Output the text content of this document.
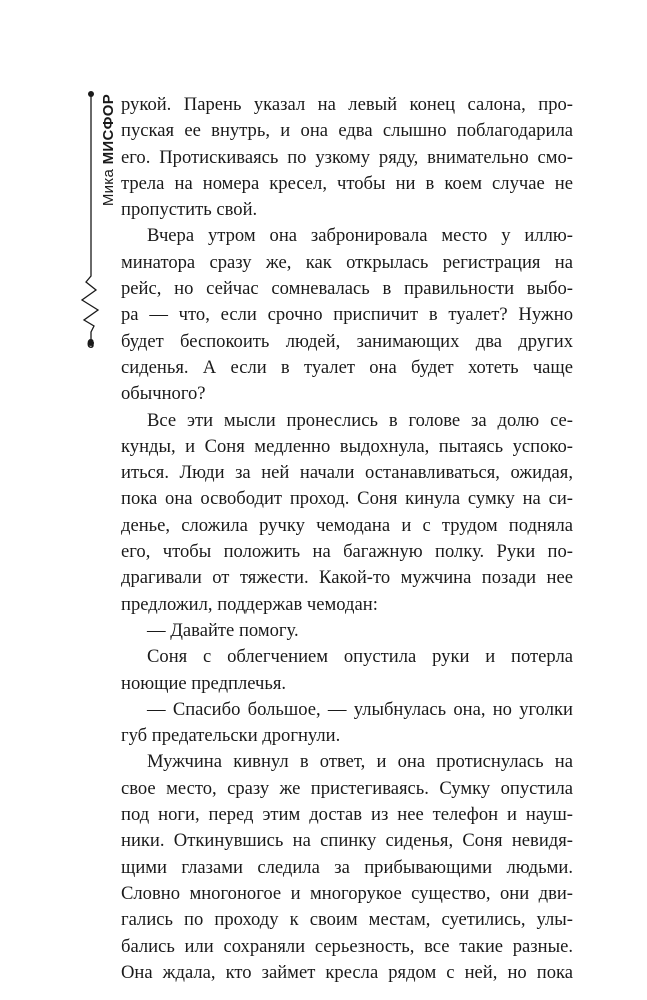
Мика МИСФОР
6
рукой. Парень указал на левый конец салона, про-
пуская ее внутрь, и она едва слышно поблагодарила
его. Протискиваясь по узкому ряду, внимательно смо-
трела на номера кресел, чтобы ни в коем случае не
пропустить свой.
Вчера утром она забронировала место у иллю-
минатора сразу же, как открылась регистрация на
рейс, но сейчас сомневалась в правильности выбо-
ра — что, если срочно приспичит в туалет? Нужно
будет беспокоить людей, занимающих два других
сиденья. А если в туалет она будет хотеть чаще
обычного?
Все эти мысли пронеслись в голове за долю се-
кунды, и Соня медленно выдохнула, пытаясь успоко-
иться. Люди за ней начали останавливаться, ожидая,
пока она освободит проход. Соня кинула сумку на си-
денье, сложила ручку чемодана и с трудом подняла
его, чтобы положить на багажную полку. Руки по-
драгивали от тяжести. Какой-то мужчина позади нее
предложил, поддержав чемодан:
— Давайте помогу.
Соня с облегчением опустила руки и потерла
ноющие предплечья.
— Спасибо большое, — улыбнулась она, но уголки
губ предательски дрогнули.
Мужчина кивнул в ответ, и она протиснулась на
свое место, сразу же пристегиваясь. Сумку опустила
под ноги, перед этим достав из нее телефон и науш-
ники. Откинувшись на спинку сиденья, Соня невидя-
щими глазами следила за прибывающими людьми.
Словно многоногое и многорукое существо, они дви-
гались по проходу к своим местам, суетились, улы-
бались или сохраняли серьезность, все такие разные.
Она ждала, кто займет кресла рядом с ней, но пока
